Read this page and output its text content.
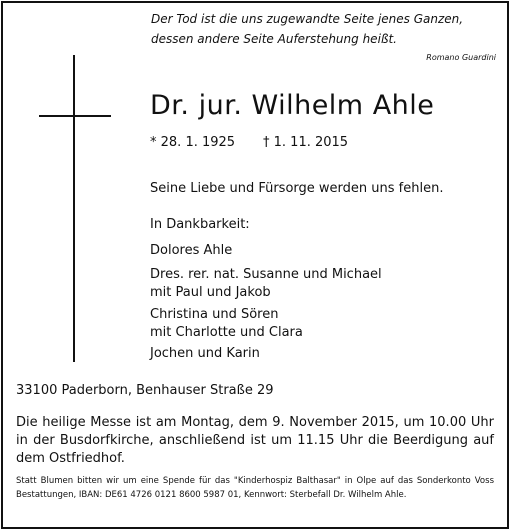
Der Tod ist die uns zugewandte Seite jenes Ganzen,
dessen andere Seite Auferstehung heißt.
Romano Guardini
Dr. jur. Wilhelm Ahle
* 28. 1. 1925 † 1. 11. 2015
Seine Liebe und Fürsorge werden uns fehlen.
In Dankbarkeit:
Dolores Ahle
Dres. rer. nat. Susanne und Michael
mit Paul und Jakob
Christina und Sören
mit Charlotte und Clara
Jochen und Karin
33100 Paderborn, Benhauser Straße 29
Die heilige Messe ist am Montag, dem 9. November 2015, um 10.00 Uhr in der Busdorfkirche, anschließend ist um 11.15 Uhr die Beerdigung auf dem Ostfriedhof.
Statt Blumen bitten wir um eine Spende für das "Kinderhospiz Balthasar" in Olpe auf das Sonderkonto Voss Bestattungen, IBAN: DE61 4726 0121 8600 5987 01, Kennwort: Sterbefall Dr. Wilhelm Ahle.
